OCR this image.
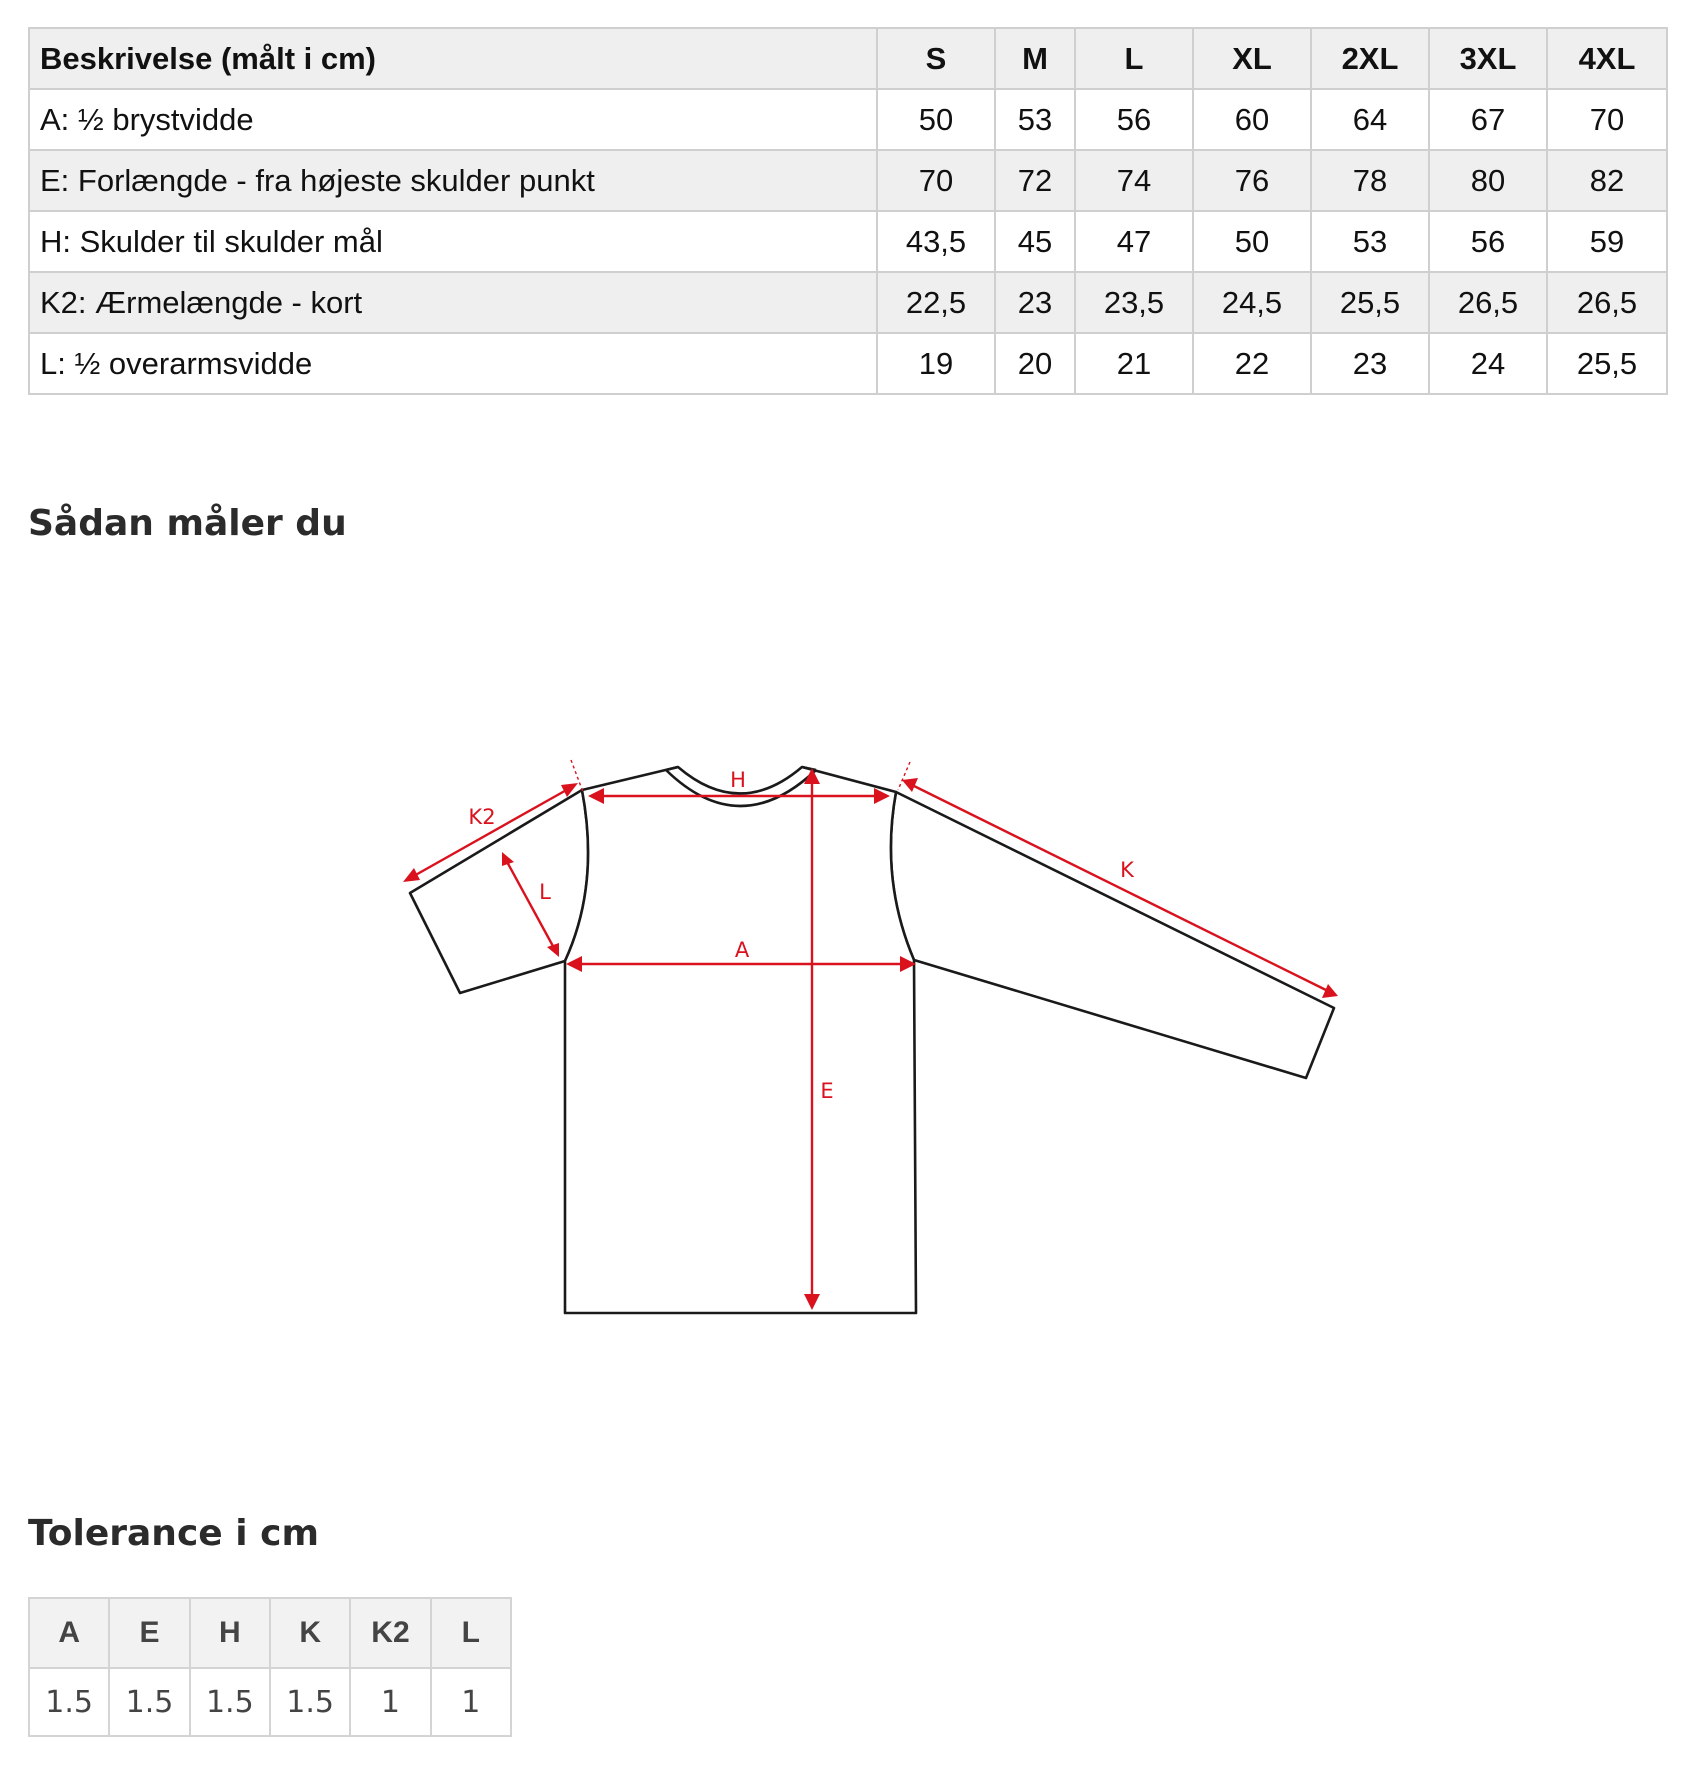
Beskrivelse (målt i cm)	S	M	L	XL	2XL	3XL	4XL
A: ½ brystvidde	50	53	56	60	64	67	70
E: Forlængde - fra højeste skulder punkt	70	72	74	76	78	80	82
H: Skulder til skulder mål	43,5	45	47	50	53	56	59
K2: Ærmelængde - kort	22,5	23	23,5	24,5	25,5	26,5	26,5
L: ½ overarmsvidde	19	20	21	22	23	24	25,5
Sådan måler du
H
K2
L
A
K
E
Tolerance i cm
A	E	H	K	K2	L
1.5	1.5	1.5	1.5	1	1
